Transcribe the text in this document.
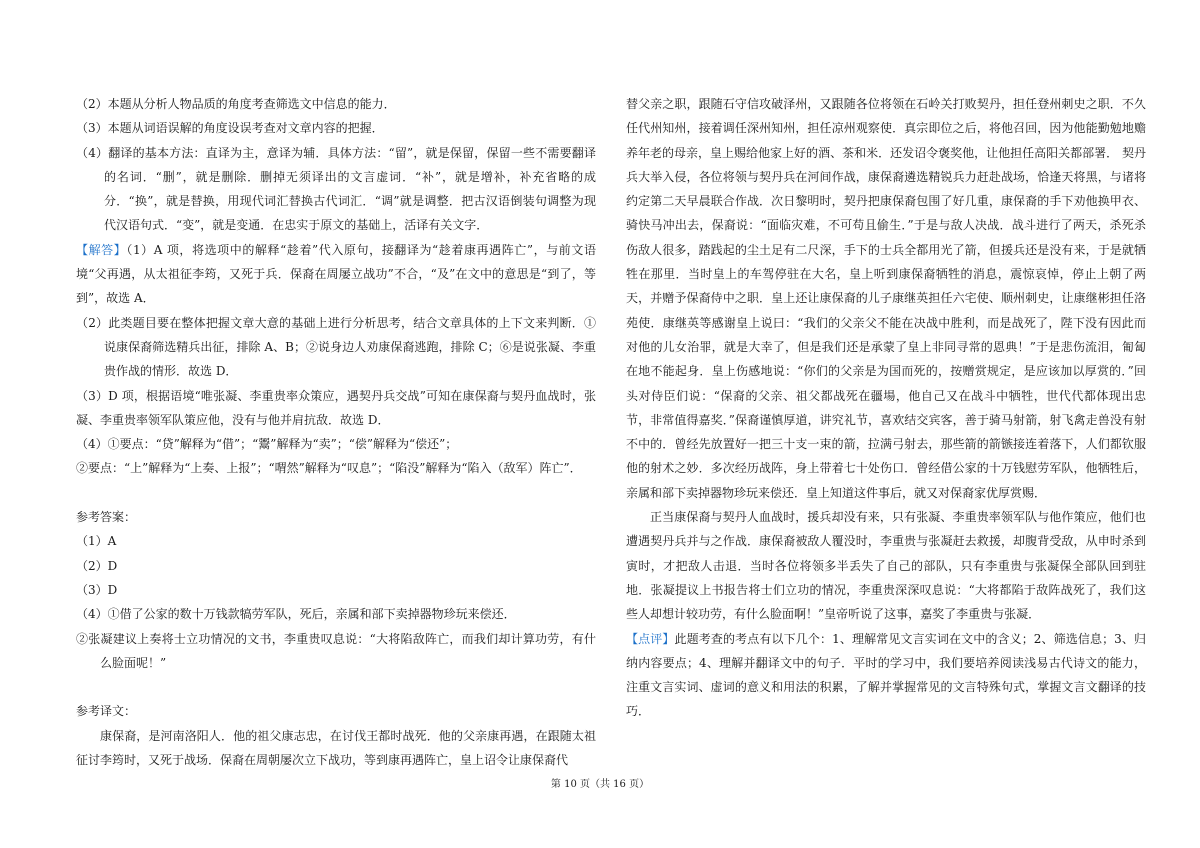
（2）本题从分析人物品质的角度考查筛选文中信息的能力．
（3）本题从词语误解的角度设误考查对文章内容的把握．
（4）翻译的基本方法：直译为主，意译为辅．具体方法：“留”，就是保留，保留一些不需要翻译的名词．“删”，就是删除．删掉无须译出的文言虚词．“补”，就是增补，补充省略的成分．“换”，就是替换，用现代词汇替换古代词汇．“调”就是调整．把古汉语倒装句调整为现代汉语句式．“变”，就是变通．在忠实于原文的基础上，活译有关文字．
【解答】（1）A 项，将选项中的解释“趁着”代入原句，接翻译为“趁着康再遇阵亡”，与前文语境“父再遇，从太祖征李筠，又死于兵．保裔在周屡立战功”不合，“及”在文中的意思是“到了，等到”，故选 A．
（2）此类题目要在整体把握文章大意的基础上进行分析思考，结合文章具体的上下文来判断．①说康保裔筛选精兵出征，排除 A、B；②说身边人劝康保裔逃跑，排除 C；⑥是说张凝、李重贵作战的情形．故选 D．
（3）D 项，根据语境“唯张凝、李重贵率众策应，遇契丹兵交战”可知在康保裔与契丹血战时，张凝、李重贵率领军队策应他，没有与他并肩抗敌．故选 D．
（4）①要点：“贷”解释为“借”；“鬻”解释为“卖”；“偿”解释为“偿还”；
②要点：“上”解释为“上奏、上报”；“喟然”解释为“叹息”；“陷没”解释为“陷入（敌军）阵亡”．
参考答案：
（1）A
（2）D
（3）D
（4）①借了公家的数十万钱款犒劳军队，死后，亲属和部下卖掉器物珍玩来偿还．
②张凝建议上奏将士立功情况的文书，李重贵叹息说：“大将陷敌阵亡，而我们却计算功劳，有什么脸面呢！”
参考译文：
康保裔，是河南洛阳人．他的祖父康志忠，在讨伐王都时战死．他的父亲康再遇，在跟随太祖征讨李筠时，又死于战场．保裔在周朝屡次立下战功，等到康再遇阵亡，皇上诏令让康保裔代
替父亲之职，跟随石守信攻破泽州，又跟随各位将领在石岭关打败契丹，担任登州刺史之职．不久任代州知州，接着调任深州知州，担任凉州观察使．真宗即位之后，将他召回，因为他能勤勉地赡养年老的母亲，皇上赐给他家上好的酒、茶和米．还发诏令褒奖他，让他担任高阳关都部署． 契丹兵大举入侵，各位将领与契丹兵在河间作战，康保裔遴选精锐兵力赶赴战场，恰逢天将黑，与诸将约定第二天早晨联合作战．次日黎明时，契丹把康保裔包围了好几重，康保裔的手下劝他换甲衣、骑快马冲出去，保裔说：“面临灾难，不可苟且偷生．”于是与敌人决战．战斗进行了两天，杀死杀伤敌人很多，踏践起的尘土足有二尺深，手下的士兵全都用光了箭，但援兵还是没有来，于是就牺牲在那里．当时皇上的车驾停驻在大名，皇上听到康保裔牺牲的消息，震惊哀悼，停止上朝了两天，并赠予保裔侍中之职．皇上还让康保裔的儿子康继英担任六宅使、顺州刺史，让康继彬担任洛苑使．康继英等感谢皇上说曰：“我们的父亲父不能在决战中胜利，而是战死了，陛下没有因此而对他的儿女治罪，就是大幸了，但是我们还是承蒙了皇上非同寻常的恩典！”于是悲伤流泪，匍匐在地不能起身．皇上伤感地说：“你们的父亲是为国而死的，按赠赏规定，是应该加以厚赏的．”回头对侍臣们说：“保裔的父亲、祖父都战死在疆場，他自己又在战斗中牺牲，世代代都体现出忠节，非常值得嘉奖．”保裔谨慎厚道，讲究礼节，喜欢结交宾客，善于骑马射箭，射飞禽走兽没有射不中的．曾经先放置好一把三十支一束的箭，拉满弓射去，那些箭的箭镞接连着落下，人们都钦服他的射术之妙．多次经历战阵，身上带着七十处伤口．曾经借公家的十万钱慰劳军队，他牺牲后，亲属和部下卖掉器物珍玩来偿还．皇上知道这件事后，就又对保裔家优厚赏赐．
正当康保裔与契丹人血战时，援兵却没有来，只有张凝、李重贵率领军队与他作策应，他们也遭遇契丹兵并与之作战．康保裔被敌人覆没时，李重贵与张凝赶去救援，却腹背受敌，从申时杀到寅时，才把敌人击退．当时各位将领多半丢失了自己的部队，只有李重贵与张凝保全部队回到驻地．张凝提议上书报告将士们立功的情况，李重贵深深叹息说：“大将都陷于敌阵战死了，我们这些人却想计较功劳，有什么脸面啊！”皇帝听说了这事，嘉奖了李重贵与张凝．
【点评】此题考查的考点有以下几个：1、理解常见文言实词在文中的含义；2、筛选信息；3、归纳内容要点；4、理解并翻译文中的句子．平时的学习中，我们要培养阅读浅易古代诗文的能力，注重文言实词、虚词的意义和用法的积累，了解并掌握常见的文言特殊句式，掌握文言文翻译的技巧．
第 10 页（共 16 页）
